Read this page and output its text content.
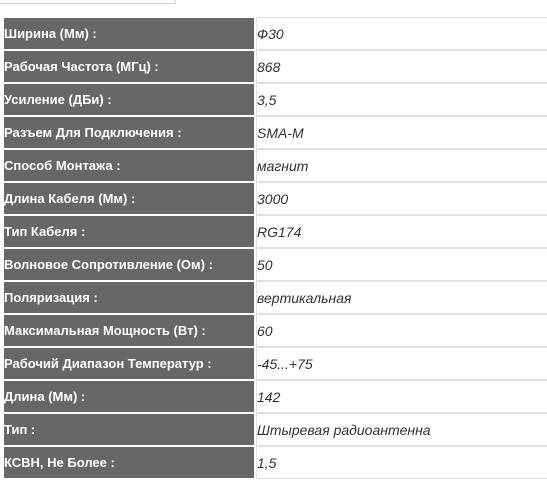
Ширина (Мм) :	Ф30
Рабочая Частота (МГц) :	868
Усиление (ДБи) :	3,5
Разъем Для Подключения :	SMA-M
Способ Монтажа :	магнит
Длина Кабеля (Мм) :	3000
Тип Кабеля :	RG174
Волновое Сопротивление (Ом) :	50
Поляризация :	вертикальная
Максимальная Мощность (Вт) :	60
Рабочий Диапазон Температур :	-45...+75
Длина (Мм) :	142
Тип :	Штыревая радиоантенна
КСВН, Не Более :	1,5
